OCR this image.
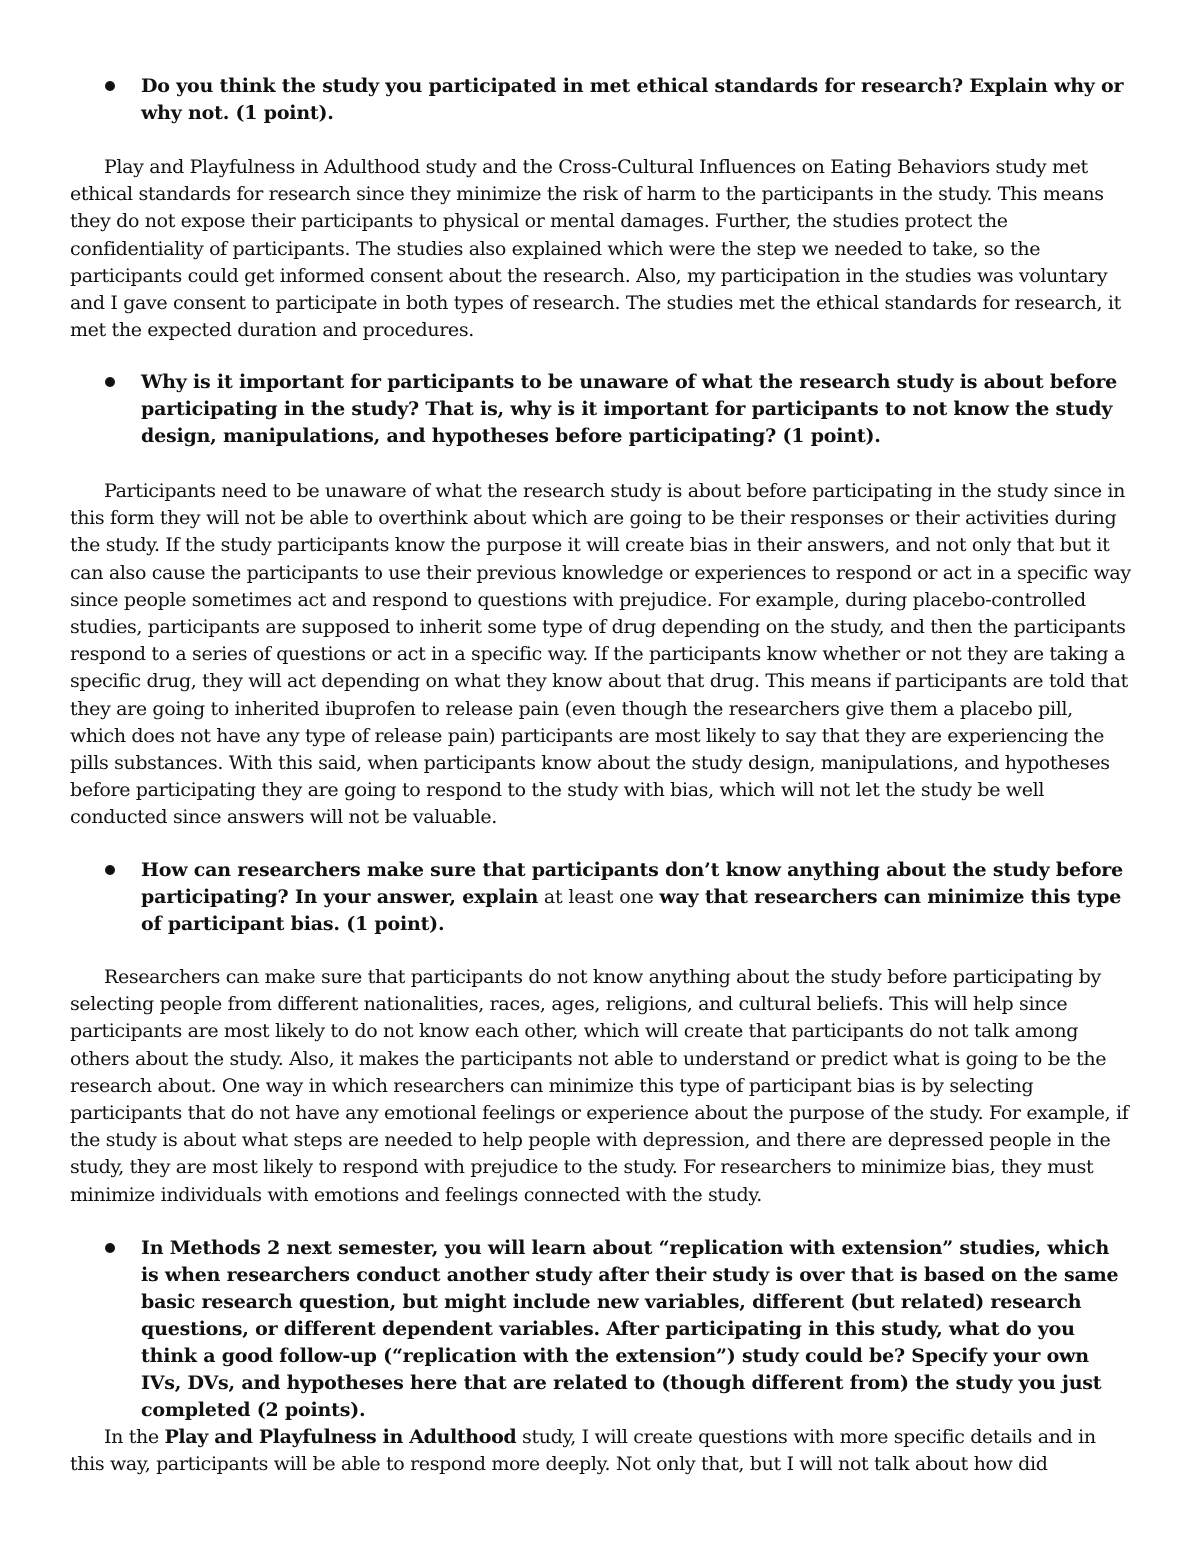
Do you think the study you participated in met ethical standards for research? Explain why or why not. (1 point).

Play and Playfulness in Adulthood study and the Cross-Cultural Influences on Eating Behaviors study met ethical standards for research since they minimize the risk of harm to the participants in the study. This means they do not expose their participants to physical or mental damages. Further, the studies protect the confidentiality of participants. The studies also explained which were the step we needed to take, so the participants could get informed consent about the research. Also, my participation in the studies was voluntary and I gave consent to participate in both types of research. The studies met the ethical standards for research, it met the expected duration and procedures.

Why is it important for participants to be unaware of what the research study is about before participating in the study? That is, why is it important for participants to not know the study design, manipulations, and hypotheses before participating? (1 point).

Participants need to be unaware of what the research study is about before participating in the study since in this form they will not be able to overthink about which are going to be their responses or their activities during the study. If the study participants know the purpose it will create bias in their answers, and not only that but it can also cause the participants to use their previous knowledge or experiences to respond or act in a specific way since people sometimes act and respond to questions with prejudice. For example, during placebo-controlled studies, participants are supposed to inherit some type of drug depending on the study, and then the participants respond to a series of questions or act in a specific way. If the participants know whether or not they are taking a specific drug, they will act depending on what they know about that drug. This means if participants are told that they are going to inherited ibuprofen to release pain (even though the researchers give them a placebo pill, which does not have any type of release pain) participants are most likely to say that they are experiencing the pills substances. With this said, when participants know about the study design, manipulations, and hypotheses before participating they are going to respond to the study with bias, which will not let the study be well conducted since answers will not be valuable.

How can researchers make sure that participants don’t know anything about the study before participating? In your answer, explain at least one way that researchers can minimize this type of participant bias. (1 point).

Researchers can make sure that participants do not know anything about the study before participating by selecting people from different nationalities, races, ages, religions, and cultural beliefs. This will help since participants are most likely to do not know each other, which will create that participants do not talk among others about the study. Also, it makes the participants not able to understand or predict what is going to be the research about. One way in which researchers can minimize this type of participant bias is by selecting participants that do not have any emotional feelings or experience about the purpose of the study. For example, if the study is about what steps are needed to help people with depression, and there are depressed people in the study, they are most likely to respond with prejudice to the study. For researchers to minimize bias, they must minimize individuals with emotions and feelings connected with the study.

In Methods 2 next semester, you will learn about “replication with extension” studies, which is when researchers conduct another study after their study is over that is based on the same basic research question, but might include new variables, different (but related) research questions, or different dependent variables. After participating in this study, what do you think a good follow-up (“replication with the extension”) study could be? Specify your own IVs, DVs, and hypotheses here that are related to (though different from) the study you just completed (2 points).

In the Play and Playfulness in Adulthood study, I will create questions with more specific details and in this way, participants will be able to respond more deeply. Not only that, but I will not talk about how did
